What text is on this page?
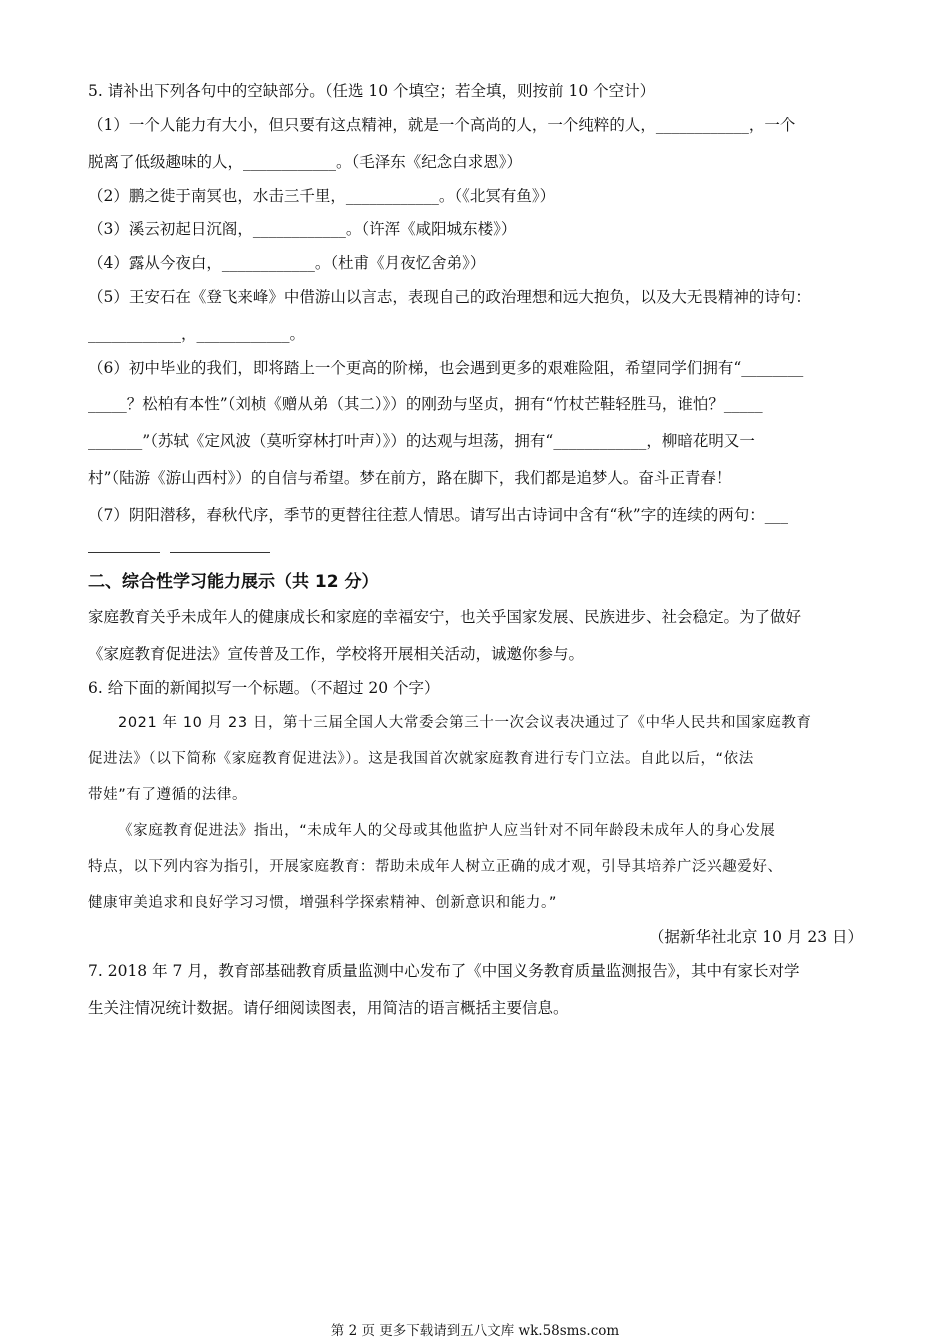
5. 请补出下列各句中的空缺部分。（任选 10 个填空；若全填，则按前 10 个空计）
（1）一个人能力有大小，但只要有这点精神，就是一个高尚的人，一个纯粹的人，____________，一个
脱离了低级趣味的人，____________。（毛泽东《纪念白求恩》）
（2）鹏之徙于南冥也，水击三千里，____________。（《北冥有鱼》）
（3）溪云初起日沉阁，____________。（许浑《咸阳城东楼》）
（4）露从今夜白，____________。（杜甫《月夜忆舍弟》）
（5）王安石在《登飞来峰》中借游山以言志，表现自己的政治理想和远大抱负，以及大无畏精神的诗句：
____________，____________。
（6）初中毕业的我们，即将踏上一个更高的阶梯，也会遇到更多的艰难险阻，希望同学们拥有“________
_____？松柏有本性”（刘桢《赠从弟（其二）》）的刚劲与坚贞，拥有“竹杖芒鞋轻胜马，谁怕？_____
_______”（苏轼《定风波（莫听穿林打叶声）》）的达观与坦荡，拥有“____________，柳暗花明又一
村”（陆游《游山西村》）的自信与希望。梦在前方，路在脚下，我们都是追梦人。奋斗正青春！
（7）阴阳潜移，春秋代序，季节的更替往往惹人情思。请写出古诗词中含有“秋”字的连续的两句：___
二、综合性学习能力展示（共 12 分）
家庭教育关乎未成年人的健康成长和家庭的幸福安宁，也关乎国家发展、民族进步、社会稳定。为了做好
《家庭教育促进法》宣传普及工作，学校将开展相关活动，诚邀你参与。
6. 给下面的新闻拟写一个标题。（不超过 20 个字）
2021 年 10 月 23 日，第十三届全国人大常委会第三十一次会议表决通过了《中华人民共和国家庭教育
促进法》（以下简称《家庭教育促进法》）。这是我国首次就家庭教育进行专门立法。自此以后，“依法
带娃”有了遵循的法律。
《家庭教育促进法》指出，“未成年人的父母或其他监护人应当针对不同年龄段未成年人的身心发展
特点，以下列内容为指引，开展家庭教育：帮助未成年人树立正确的成才观，引导其培养广泛兴趣爱好、
健康审美追求和良好学习习惯，增强科学探索精神、创新意识和能力。”
（据新华社北京 10 月 23 日）
7. 2018 年 7 月，教育部基础教育质量监测中心发布了《中国义务教育质量监测报告》，其中有家长对学
生关注情况统计数据。请仔细阅读图表，用简洁的语言概括主要信息。
第 2 页 更多下载请到五八文库 wk.58sms.com
